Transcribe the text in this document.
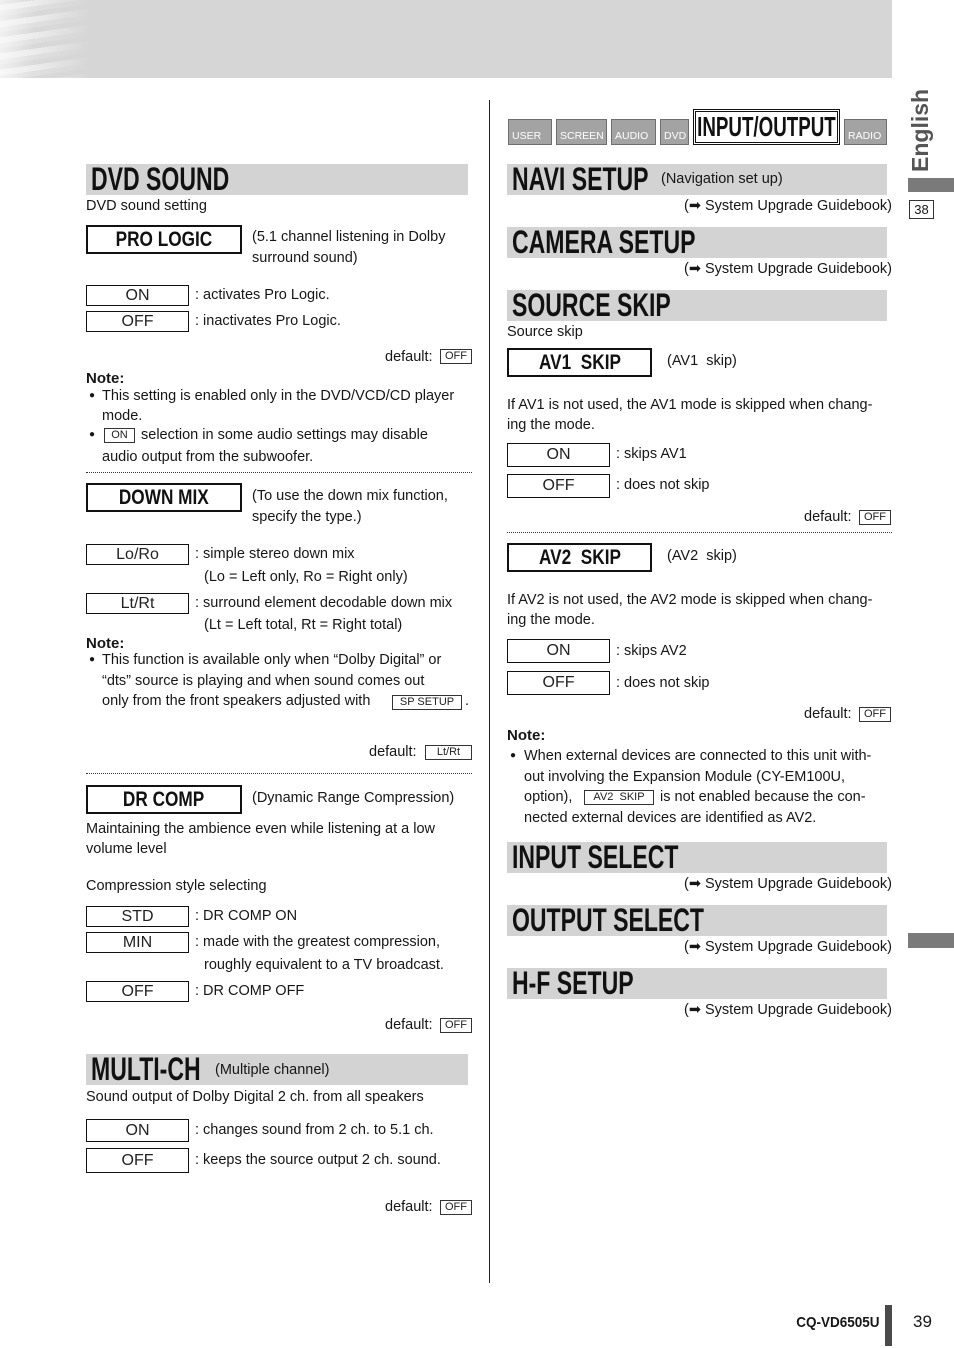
English
38
USER	SCREEN	AUDIO	DVD INPUT/OUTPUT	RADIO
DVD SOUND
DVD sound setting
PRO LOGIC	(5.1 channel listening in Dolby
surround sound)
ON	: activates Pro Logic.
OFF	: inactivates Pro Logic.
default:	OFF
Note:
● This setting is enabled only in the DVD/VCD/CD player
mode.
●	ON selection in some audio settings may disable
audio output from the subwoofer.
DOWN MIX	(To use the down mix function,
specify the type.)
Lo/Ro	: simple stereo down mix
(Lo = Left only, Ro = Right only)
Lt/Rt	: surround element decodable down mix
(Lt = Left total, Rt = Right total)
Note:
● This function is available only when “Dolby Digital” or
“dts” source is playing and when sound comes out
only from the front speakers adjusted with	SP SETUP .
default:	Lt/Rt
DR COMP	(Dynamic Range Compression)
Maintaining the ambience even while listening at a low
volume level
Compression style selecting
STD	: DR COMP ON
MIN	: made with the greatest compression,
roughly equivalent to a TV broadcast.
OFF	: DR COMP OFF
default:	OFF
MULTI-CH (Multiple channel)
Sound output of Dolby Digital 2 ch. from all speakers
ON	: changes sound from 2 ch. to 5.1 ch.
OFF	: keeps the source output 2 ch. sound.
default:	OFF
NAVI SETUP (Navigation set up)
(➡ System Upgrade Guidebook)
CAMERA SETUP
(➡ System Upgrade Guidebook)
SOURCE SKIP
Source skip
AV1  SKIP	(AV1  skip)
If AV1 is not used, the AV1 mode is skipped when chang-
ing the mode.
ON	: skips AV1
OFF	: does not skip
default:	OFF
AV2  SKIP	(AV2  skip)
If AV2 is not used, the AV2 mode is skipped when chang-
ing the mode.
ON	: skips AV2
OFF	: does not skip
default:	OFF
Note:
● When external devices are connected to this unit with-
out involving the Expansion Module (CY-EM100U,
option),	AV2  SKIP	is not enabled because the con-
nected external devices are identified as AV2.
INPUT SELECT
(➡ System Upgrade Guidebook)
OUTPUT SELECT
(➡ System Upgrade Guidebook)
H-F SETUP
(➡ System Upgrade Guidebook)
CQ-VD6505U 39
